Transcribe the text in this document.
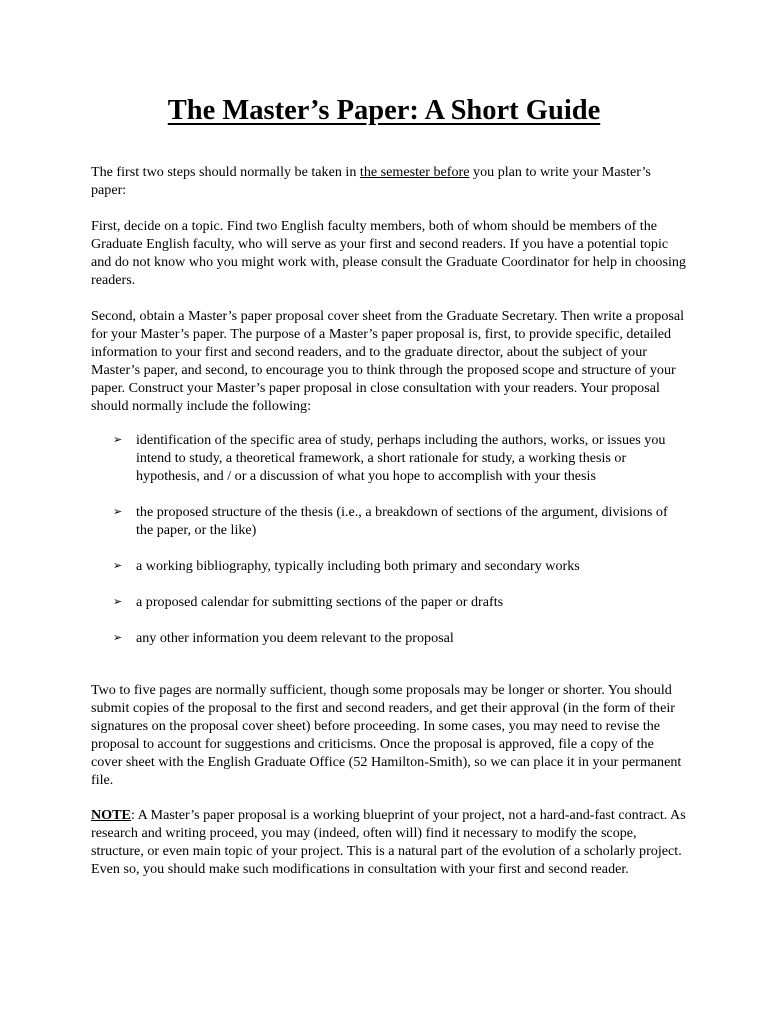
The Master’s Paper: A Short Guide

The first two steps should normally be taken in the semester before you plan to write your Master’s paper:

First, decide on a topic. Find two English faculty members, both of whom should be members of the Graduate English faculty, who will serve as your first and second readers. If you have a potential topic and do not know who you might work with, please consult the Graduate Coordinator for help in choosing readers.

Second, obtain a Master’s paper proposal cover sheet from the Graduate Secretary. Then write a proposal for your Master’s paper. The purpose of a Master’s paper proposal is, first, to provide specific, detailed information to your first and second readers, and to the graduate director, about the subject of your Master’s paper, and second, to encourage you to think through the proposed scope and structure of your paper. Construct your Master’s paper proposal in close consultation with your readers. Your proposal should normally include the following:

➢ identification of the specific area of study, perhaps including the authors, works, or issues you intend to study, a theoretical framework, a short rationale for study, a working thesis or hypothesis, and / or a discussion of what you hope to accomplish with your thesis
➢ the proposed structure of the thesis (i.e., a breakdown of sections of the argument, divisions of the paper, or the like)
➢ a working bibliography, typically including both primary and secondary works
➢ a proposed calendar for submitting sections of the paper or drafts
➢ any other information you deem relevant to the proposal

Two to five pages are normally sufficient, though some proposals may be longer or shorter. You should submit copies of the proposal to the first and second readers, and get their approval (in the form of their signatures on the proposal cover sheet) before proceeding. In some cases, you may need to revise the proposal to account for suggestions and criticisms. Once the proposal is approved, file a copy of the cover sheet with the English Graduate Office (52 Hamilton-Smith), so we can place it in your permanent file.

NOTE: A Master’s paper proposal is a working blueprint of your project, not a hard-and-fast contract. As research and writing proceed, you may (indeed, often will) find it necessary to modify the scope, structure, or even main topic of your project. This is a natural part of the evolution of a scholarly project. Even so, you should make such modifications in consultation with your first and second reader.
